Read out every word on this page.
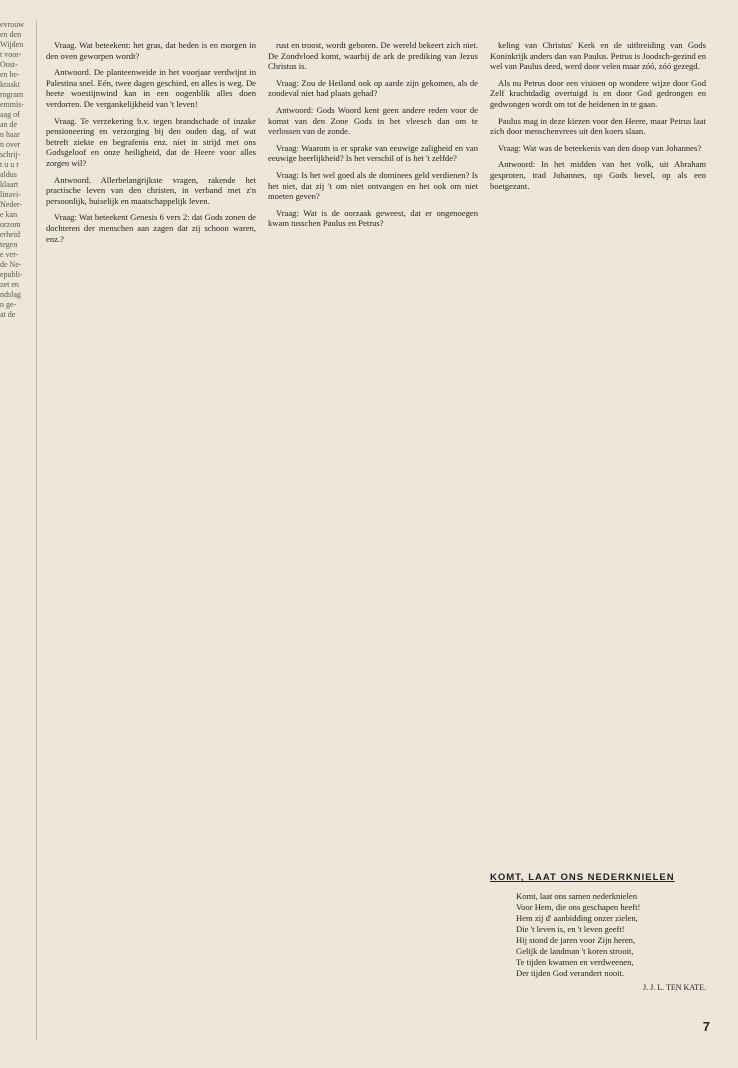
evrouw
en den
Wijden
t voor-
Oost-
en be-
kraakt
rogram
emmis-
aag of
an de
n haar
n over
schrij-
t u u r
aldus
klaart
linavi-
Neder-
e kan
orzom
erheid
tegen
e ver-
de Ne-
epubli-
zet en
ndslag
n ge-
at de

Vraag. Wat beteekent: het gras, dat heden is en morgen in den oven geworpen wordt?

Antwoord. De planteenweide in het voorjaar verdwijnt in Palestina snel. Eén, twee dagen geschied, en alles is weg. De heete woestijnwind kan in een oogenblik alles doen verdorren. De vergankelijkheid van 't leven!

Vraag. Te verzekering b.v. tegen brandschade of inzake pensioneering en verzorging bij den ouden dag, of wat betreft ziekte en begrafenis enz. niet in strijd met ons Godsgeloof en onze heiligheid, dat de Heere voor alles zorgen wil?

Antwoord. Allerbelangrijkste vragen, rakende het practische leven van den christen, in verband met z'n persoonlijk, huiselijk en maatschappelijk leven.

Vraag: Wat beteekent Genesis 6 vers 2: dat Gods zonen de dochteren der menschen aan zagen dat zij schoon waren, enz.?

rust en troost, wordt geboren. De wereld bekeert zich niet. De Zondvloed komt, waarbij de ark de prediking van Jezus Christus is.

Vraag: Zou de Heiland ook op aarde zijn gekomen, als de zondeval niet had plaats gehad?

Antwoord: Gods Woord kent geen andere reden voor de komst van den Zone Gods in het vleesch dan om te verlossen van de zonde.

Vraag: Waarom is er sprake van eeuwige zaligheid en van eeuwige heerlijkheid? Is het verschil of is het 't zelfde?

Vraag: Is het wel goed als de dominees geld verdienen? Is het niet, dat zij 't om niet ontvangen en het ook om niet moeten geven?

Vraag: Wat is de oorzaak geweest, dat er ongenoegen kwam tusschen Paulus en Petrus?

keling van Christus' Kerk en de uitbreiding van Gods Koninkrijk anders dan van Paulus. Petrus is Joodsch-gezind en wel van Paulus deed, werd door velen maar zóó, zóó gezegd.

Als nu Petrus door een visioen op wondere wijze door God Zelf krachtdadig overtuigd is en door God gedrongen en gedwongen wordt om tot de heidenen in te gaan.

Paulus mag in deze kiezen voor den Heere, maar Petrus laat zich door menschenvrees uit den koers slaan.

Vraag: Wat was de beteekenis van den doop van Johannes?

Antwoord: In het midden van het volk, uit Abraham gesproten, trad Johannes, op Gods bevel, op als een boetgezant.

KOMT, LAAT ONS NEDERKNIELEN
Komt, laat ons samen nederknielen
Voor Hem, die ons geschapen heeft!
Hem zij d' aanbidding onzer zielen,
Die 't leven is, en 't leven geeft!
Hij stond de jaren voor Zijn heren,
Gelijk de landman 't koren strooit,
Te tijden kwamen en verdweenen,
Der tijden God verandert nooit.
J. J. L. TEN KATE.
7
